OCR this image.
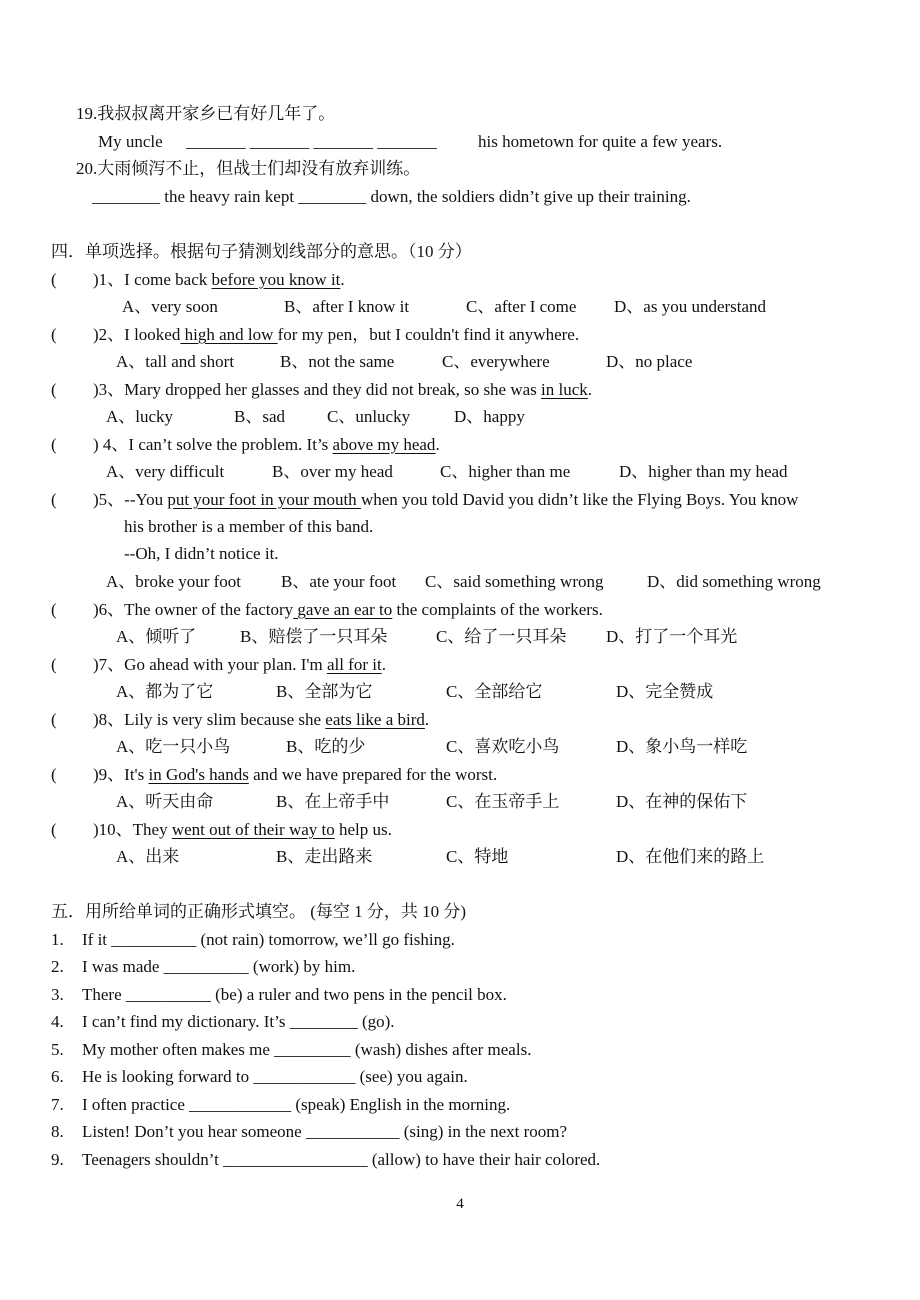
19.我叔叔离开家乡已有好几年了。
My uncle _______ _______ _______ _______ his hometown for quite a few years.
20.大雨倾泻不止，但战士们却没有放弃训练。
________ the heavy rain kept ________ down, the soldiers didn’t give up their training.
四．单项选择。根据句子猜测划线部分的意思。（10 分）
( )1、I come back before you know it.
A、very soon	B、after I know it	C、after I come D、as you understand
( )2、I looked high and low for my pen，but I couldn't find it anywhere.
A、tall and short	B、not the same	C、everywhere	D、no place
( )3、Mary dropped her glasses and they did not break, so she was in luck.
A、lucky	B、sad C、unlucky	D、happy
( ) 4、I can’t solve the problem. It’s above my head.
A、very difficult	B、over my head	C、higher than me	D、higher than my head
( )5、--You put your foot in your mouth when you told David you didn’t like the Flying Boys. You know
his brother is a member of this band.
--Oh, I didn’t notice it.
A、broke your foot B、ate your foot C、said something wrong	D、did something wrong
( )6、The owner of the factory gave an ear to the complaints of the workers.
A、倾听了	B、赔偿了一只耳朵	C、给了一只耳朵 D、打了一个耳光
( )7、Go ahead with your plan. I'm all for it.
A、都为了它	B、全部为它	C、全部给它	D、完全赞成
( )8、Lily is very slim because she eats like a bird.
A、吃一只小鸟	B、吃的少	C、喜欢吃小鸟	D、象小鸟一样吃
( )9、It's in God's hands and we have prepared for the worst.
A、听天由命	B、在上帝手中	C、在玉帝手上	D、在神的保佑下
( )10、They went out of their way to help us.
A、出来	B、走出路来	C、特地	D、在他们来的路上
五．用所给单词的正确形式填空。 (每空 1 分，共 10 分)
1. If it __________ (not rain) tomorrow, we’ll go fishing.
2. I was made __________ (work) by him.
3. There __________ (be) a ruler and two pens in the pencil box.
4. I can’t find my dictionary. It’s ________ (go).
5. My mother often makes me _________ (wash) dishes after meals.
6. He is looking forward to ____________ (see) you again.
7. I often practice ____________ (speak) English in the morning.
8. Listen! Don’t you hear someone ___________ (sing) in the next room?
9. Teenagers shouldn’t _________________ (allow) to have their hair colored.
4
